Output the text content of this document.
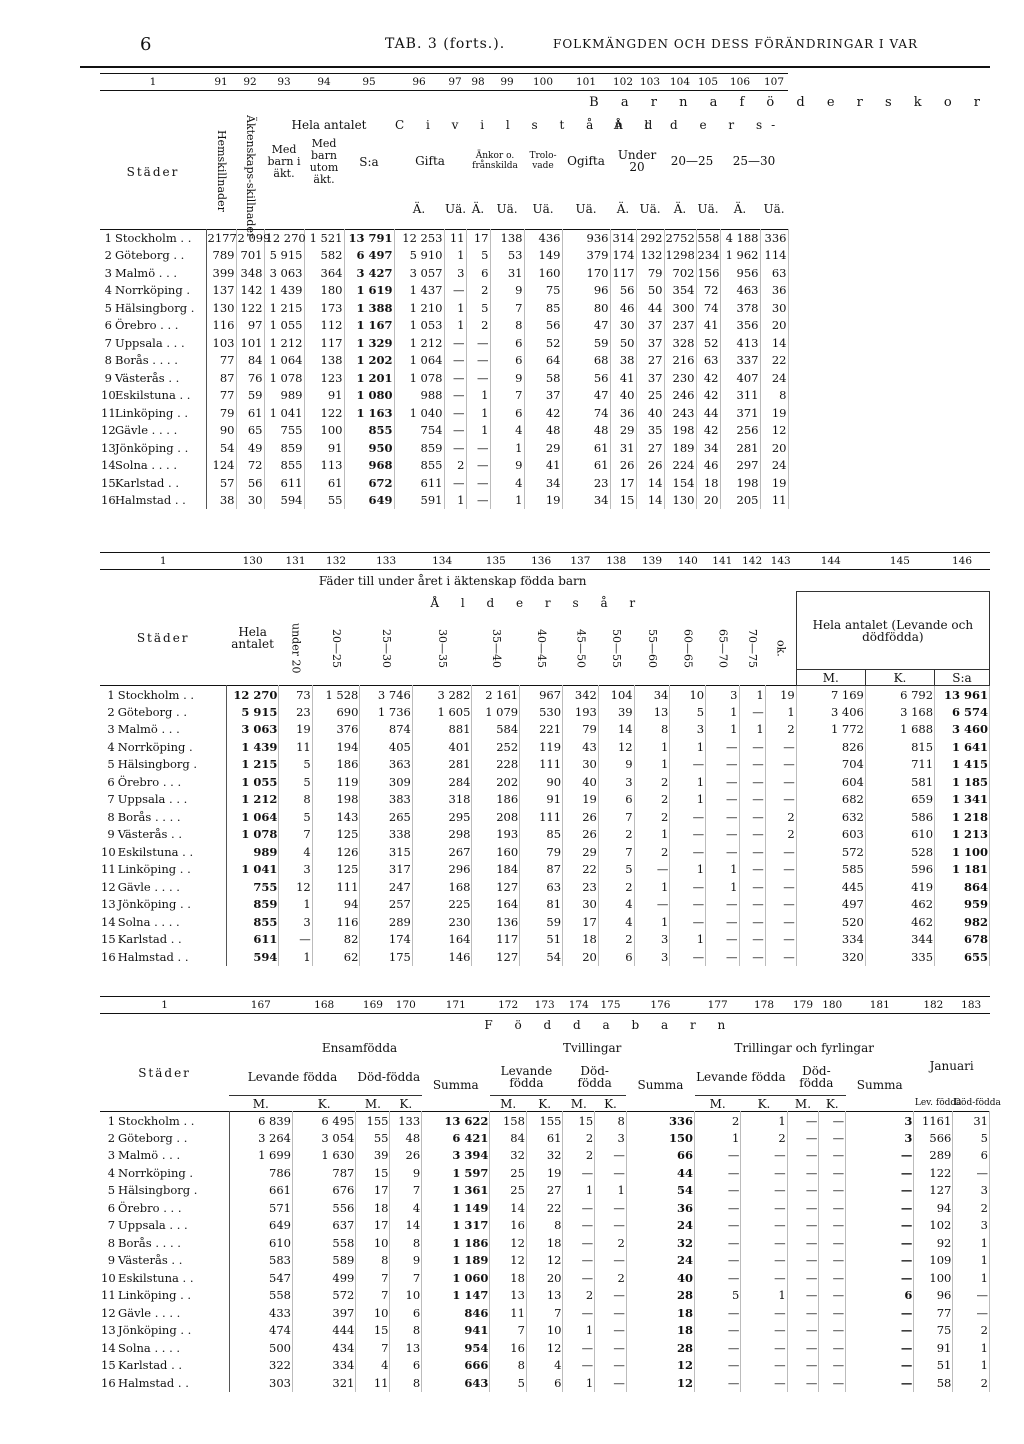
6	TAB. 3 (forts.).	FOLKMÄNGDEN OCH DESS FÖRÄNDRINGAR I VAR
1		91	92	93	94	95	96	97	98	99	100	101	102	103	104	105	106	107
							B a r n a f ö d e r s k o r											
Städer		Hemskillnader	Äktenskaps-skillnader	Hela antalet			C i v i l s t å n d						Å l d e r s-					
				Med barn i äkt.	Med barn utom äkt.	S:a	Gifta		Änkor o. frånskilda		Trolo-vade	Ogifta	Under 20		20—25		25—30	

							Ä.	Uä.	Ä.	Uä.	Uä.	Uä.	Ä.	Uä.	Ä.	Uä.	Ä.	Uä.
1	Stockholm . .	2177	2 099	12 270	1 521	13 791	12 253	11	17	138	436	936	314	292	2752	558	4 188	336
2	Göteborg . .	789	701	5 915	582	6 497	5 910	1	5	53	149	379	174	132	1298	234	1 962	114
3	Malmö . . .	399	348	3 063	364	3 427	3 057	3	6	31	160	170	117	79	702	156	956	63
4	Norrköping .	137	142	1 439	180	1 619	1 437	—	2	9	75	96	56	50	354	72	463	36
5	Hälsingborg .	130	122	1 215	173	1 388	1 210	1	5	7	85	80	46	44	300	74	378	30
6	Örebro . . .	116	97	1 055	112	1 167	1 053	1	2	8	56	47	30	37	237	41	356	20
7	Uppsala . . .	103	101	1 212	117	1 329	1 212	—	—	6	52	59	50	37	328	52	413	14
8	Borås . . . .	77	84	1 064	138	1 202	1 064	—	—	6	64	68	38	27	216	63	337	22
9	Västerås . .	87	76	1 078	123	1 201	1 078	—	—	9	58	56	41	37	230	42	407	24
10	Eskilstuna . .	77	59	989	91	1 080	988	—	1	7	37	47	40	25	246	42	311	8
11	Linköping . .	79	61	1 041	122	1 163	1 040	—	1	6	42	74	36	40	243	44	371	19
12	Gävle . . . .	90	65	755	100	855	754	—	1	4	48	48	29	35	198	42	256	12
13	Jönköping . .	54	49	859	91	950	859	—	—	1	29	61	31	27	189	34	281	20
14	Solna . . . .	124	72	855	113	968	855	2	—	9	41	61	26	26	224	46	297	24
15	Karlstad . .	57	56	611	61	672	611	—	—	4	34	23	17	14	154	18	198	19
16	Halmstad . .	38	30	594	55	649	591	1	—	1	19	34	15	14	130	20	205	11
1		130	131	132	133	134	135	136	137	138	139	140	141	142	143	144	145	146
			Fäder till under året i äktenskap födda barn															
Städer		Hela antalet	Å l d e r s å r													Hela antalet (Levande och dödfödda)		
			under 20	20—25	25—30	30—35	35—40	40—45	45—50	50—55	55—60	60—65	65—70	70—75	ok.			
																M.	K.	S:a
1	Stockholm . .	12 270	73	1 528	3 746	3 282	2 161	967	342	104	34	10	3	1	19	7 169	6 792	13 961
2	Göteborg . .	5 915	23	690	1 736	1 605	1 079	530	193	39	13	5	1	—	1	3 406	3 168	6 574
3	Malmö . . .	3 063	19	376	874	881	584	221	79	14	8	3	1	1	2	1 772	1 688	3 460
4	Norrköping .	1 439	11	194	405	401	252	119	43	12	1	1	—	—	—	826	815	1 641
5	Hälsingborg .	1 215	5	186	363	281	228	111	30	9	1	—	—	—	—	704	711	1 415
6	Örebro . . .	1 055	5	119	309	284	202	90	40	3	2	1	—	—	—	604	581	1 185
7	Uppsala . . .	1 212	8	198	383	318	186	91	19	6	2	1	—	—	—	682	659	1 341
8	Borås . . . .	1 064	5	143	265	295	208	111	26	7	2	—	—	—	2	632	586	1 218
9	Västerås . .	1 078	7	125	338	298	193	85	26	2	1	—	—	—	2	603	610	1 213
10	Eskilstuna . .	989	4	126	315	267	160	79	29	7	2	—	—	—	—	572	528	1 100
11	Linköping . .	1 041	3	125	317	296	184	87	22	5	—	1	1	—	—	585	596	1 181
12	Gävle . . . .	755	12	111	247	168	127	63	23	2	1	—	1	—	—	445	419	864
13	Jönköping . .	859	1	94	257	225	164	81	30	4	—	—	—	—	—	497	462	959
14	Solna . . . .	855	3	116	289	230	136	59	17	4	1	—	—	—	—	520	462	982
15	Karlstad . .	611	—	82	174	164	117	51	18	2	3	1	—	—	—	334	344	678
16	Halmstad . .	594	1	62	175	146	127	54	20	6	3	—	—	—	—	320	335	655
1		167	168	169	170	171	172	173	174	175	176	177	178	179	180	181	182	183
		F ö d d a b a r n																
Städer		Ensamfödda					Tvillingar					Trillingar och fyrlingar					Januari	
		Levande födda		Död-födda		Summa	Levande födda		Död-födda		Summa	Levande födda		Död-födda		Summa		
		M.	K.	M.	K.		M.	K.	M.	K.		M.	K.	M.	K.		Lev. födda	Död-födda
1	Stockholm . .	6 839	6 495	155	133	13 622	158	155	15	8	336	2	1	—	—	3	1161	31
2	Göteborg . .	3 264	3 054	55	48	6 421	84	61	2	3	150	1	2	—	—	3	566	5
3	Malmö . . .	1 699	1 630	39	26	3 394	32	32	2	—	66	—	—	—	—	—	289	6
4	Norrköping .	786	787	15	9	1 597	25	19	—	—	44	—	—	—	—	—	122	—
5	Hälsingborg .	661	676	17	7	1 361	25	27	1	1	54	—	—	—	—	—	127	3
6	Örebro . . .	571	556	18	4	1 149	14	22	—	—	36	—	—	—	—	—	94	2
7	Uppsala . . .	649	637	17	14	1 317	16	8	—	—	24	—	—	—	—	—	102	3
8	Borås . . . .	610	558	10	8	1 186	12	18	—	2	32	—	—	—	—	—	92	1
9	Västerås . .	583	589	8	9	1 189	12	12	—	—	24	—	—	—	—	—	109	1
10	Eskilstuna . .	547	499	7	7	1 060	18	20	—	2	40	—	—	—	—	—	100	1
11	Linköping . .	558	572	7	10	1 147	13	13	2	—	28	5	1	—	—	6	96	—
12	Gävle . . . .	433	397	10	6	846	11	7	—	—	18	—	—	—	—	—	77	—
13	Jönköping . .	474	444	15	8	941	7	10	1	—	18	—	—	—	—	—	75	2
14	Solna . . . .	500	434	7	13	954	16	12	—	—	28	—	—	—	—	—	91	1
15	Karlstad . .	322	334	4	6	666	8	4	—	—	12	—	—	—	—	—	51	1
16	Halmstad . .	303	321	11	8	643	5	6	1	—	12	—	—	—	—	—	58	2
